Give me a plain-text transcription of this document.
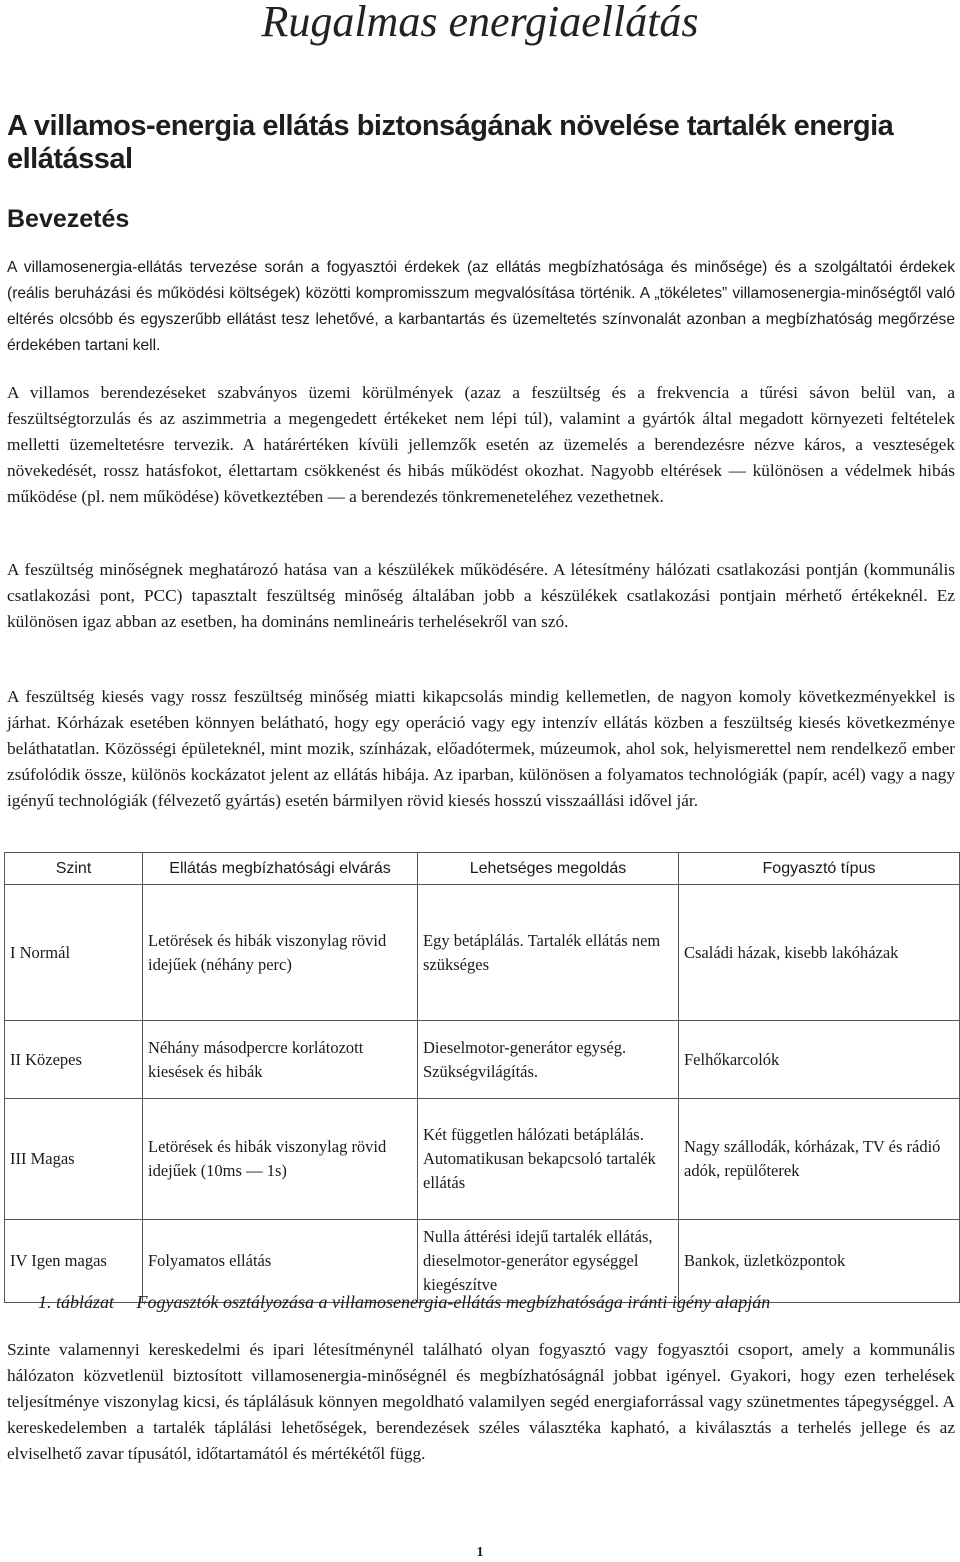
Rugalmas energiaellátás
A villamos-energia ellátás biztonságának növelése tartalék energia ellátással
Bevezetés

A villamosenergia-ellátás tervezése során a fogyasztói érdekek (az ellátás megbízhatósága és minősége) és a szolgáltatói érdekek (reális beruházási és működési költségek) közötti kompromisszum megvalósítása történik. A „tökéletes” villamosenergia-minőségtől való eltérés olcsóbb és egyszerűbb ellátást tesz lehetővé, a karbantartás és üzemeltetés színvonalát azonban a megbízhatóság megőrzése érdekében tartani kell.

A villamos berendezéseket szabványos üzemi körülmények (azaz a feszültség és a frekvencia a tűrési sávon belül van, a feszültségtorzulás és az aszimmetria a megengedett értékeket nem lépi túl), valamint a gyártók által megadott környezeti feltételek melletti üzemeltetésre tervezik. A határértéken kívüli jellemzők esetén az üzemelés a berendezésre nézve káros, a veszteségek növekedését, rossz hatásfokot, élettartam csökkenést és hibás működést okozhat. Nagyobb eltérések — különösen a védelmek hibás működése (pl. nem működése) következtében — a berendezés tönkremeneteléhez vezethetnek.

A feszültség minőségnek meghatározó hatása van a készülékek működésére. A létesítmény hálózati csatlakozási pontján (kommunális csatlakozási pont, PCC) tapasztalt feszültség minőség általában jobb a készülékek csatlakozási pontjain mérhető értékeknél. Ez különösen igaz abban az esetben, ha domináns nemlineáris terhelésekről van szó.

A feszültség kiesés vagy rossz feszültség minőség miatti kikapcsolás mindig kellemetlen, de nagyon komoly következményekkel is járhat. Kórházak esetében könnyen belátható, hogy egy operáció vagy egy intenzív ellátás közben a feszültség kiesés következménye beláthatatlan. Közösségi épületeknél, mint mozik, színházak, előadótermek, múzeumok, ahol sok, helyismerettel nem rendelkező ember zsúfolódik össze, különös kockázatot jelent az ellátás hibája. Az iparban, különösen a folyamatos technológiák (papír, acél) vagy a nagy igényű technológiák (félvezető gyártás) esetén bármilyen rövid kiesés hosszú visszaállási idővel jár.

Szint	Ellátás megbízhatósági elvárás	Lehetséges megoldás	Fogyasztó típus
I Normál	Letörések és hibák viszonylag rövid idejűek (néhány perc)	Egy betáplálás. Tartalék ellátás nem szükséges	Családi házak, kisebb lakóházak
II Közepes	Néhány másodpercre korlátozott kiesések és hibák	Dieselmotor-generátor egység. Szükségvilágítás.	Felhőkarcolók
III Magas	Letörések és hibák viszonylag rövid idejűek (10ms — 1s)	Két független hálózati betáplálás. Automatikusan bekapcsoló tartalék ellátás	Nagy szállodák, kórházak, TV és rádió adók, repülőterek
IV Igen magas	Folyamatos ellátás	Nulla áttérési idejű tartalék ellátás, dieselmotor-generátor egységgel kiegészítve	Bankok, üzletközpontok

1. táblázat Fogyasztók osztályozása a villamosenergia-ellátás megbízhatósága iránti igény alapján

Szinte valamennyi kereskedelmi és ipari létesítménynél található olyan fogyasztó vagy fogyasztói csoport, amely a kommunális hálózaton közvetlenül biztosított villamosenergia-minőségnél és megbízhatóságnál jobbat igényel. Gyakori, hogy ezen terhelések teljesítménye viszonylag kicsi, és táplálásuk könnyen megoldható valamilyen segéd energiaforrással vagy szünetmentes tápegységgel. A kereskedelemben a tartalék táplálási lehetőségek, berendezések széles választéka kapható, a kiválasztás a terhelés jellege és az elviselhető zavar típusától, időtartamától és mértékétől függ.

1
